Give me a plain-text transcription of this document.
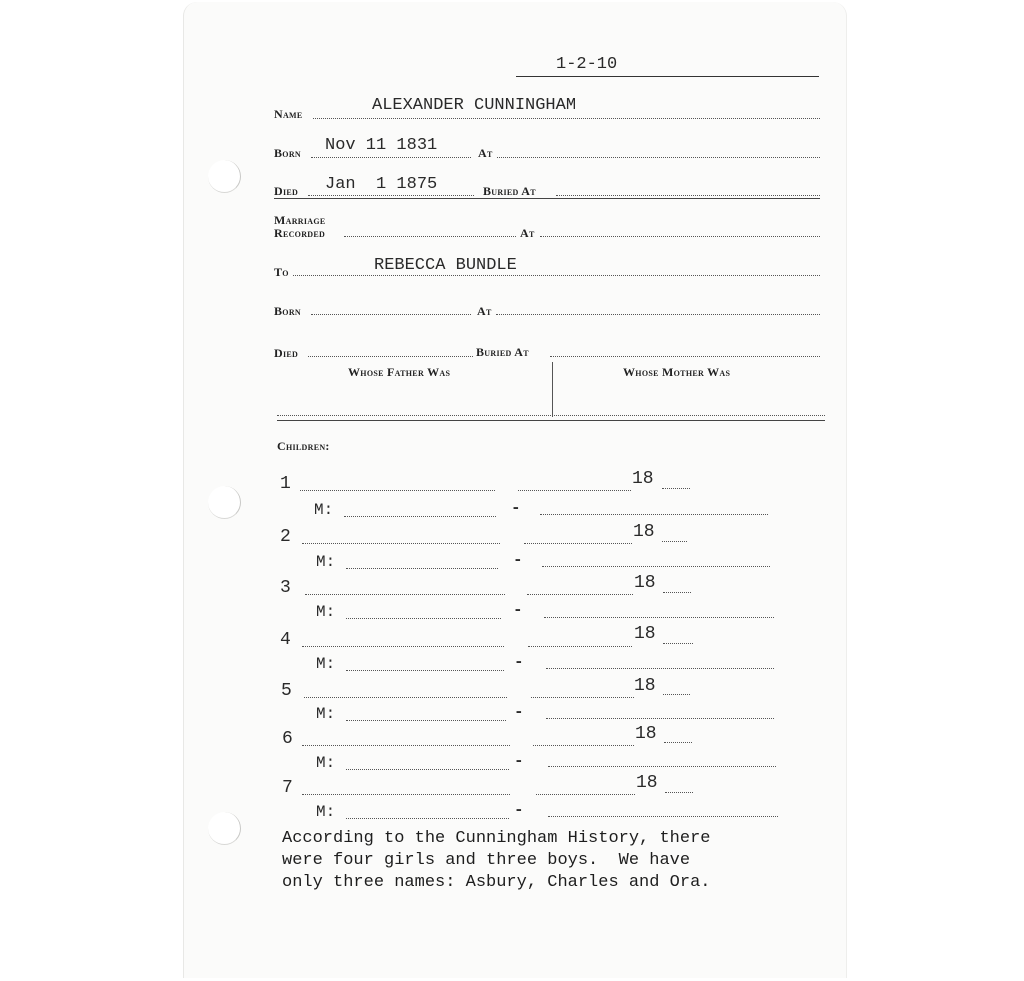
1-2-10
Name	ALEXANDER CUNNINGHAM
Born Nov 11 1831	At
Died Jan  1 1875	Buried At
Marriage
Recorded	At
To	REBECCA BUNDLE
Born	At
Died	Buried At
Whose Father Was	Whose Mother Was
Children:
1	18
M:	-
2	18
M:	-
3	18
M:	-
4	18
M:	-
5	18
M:	-
6	18
M:	-
7	18
M:	-
According to the Cunningham History, there
were four girls and three boys.  We have
only three names: Asbury, Charles and Ora.
